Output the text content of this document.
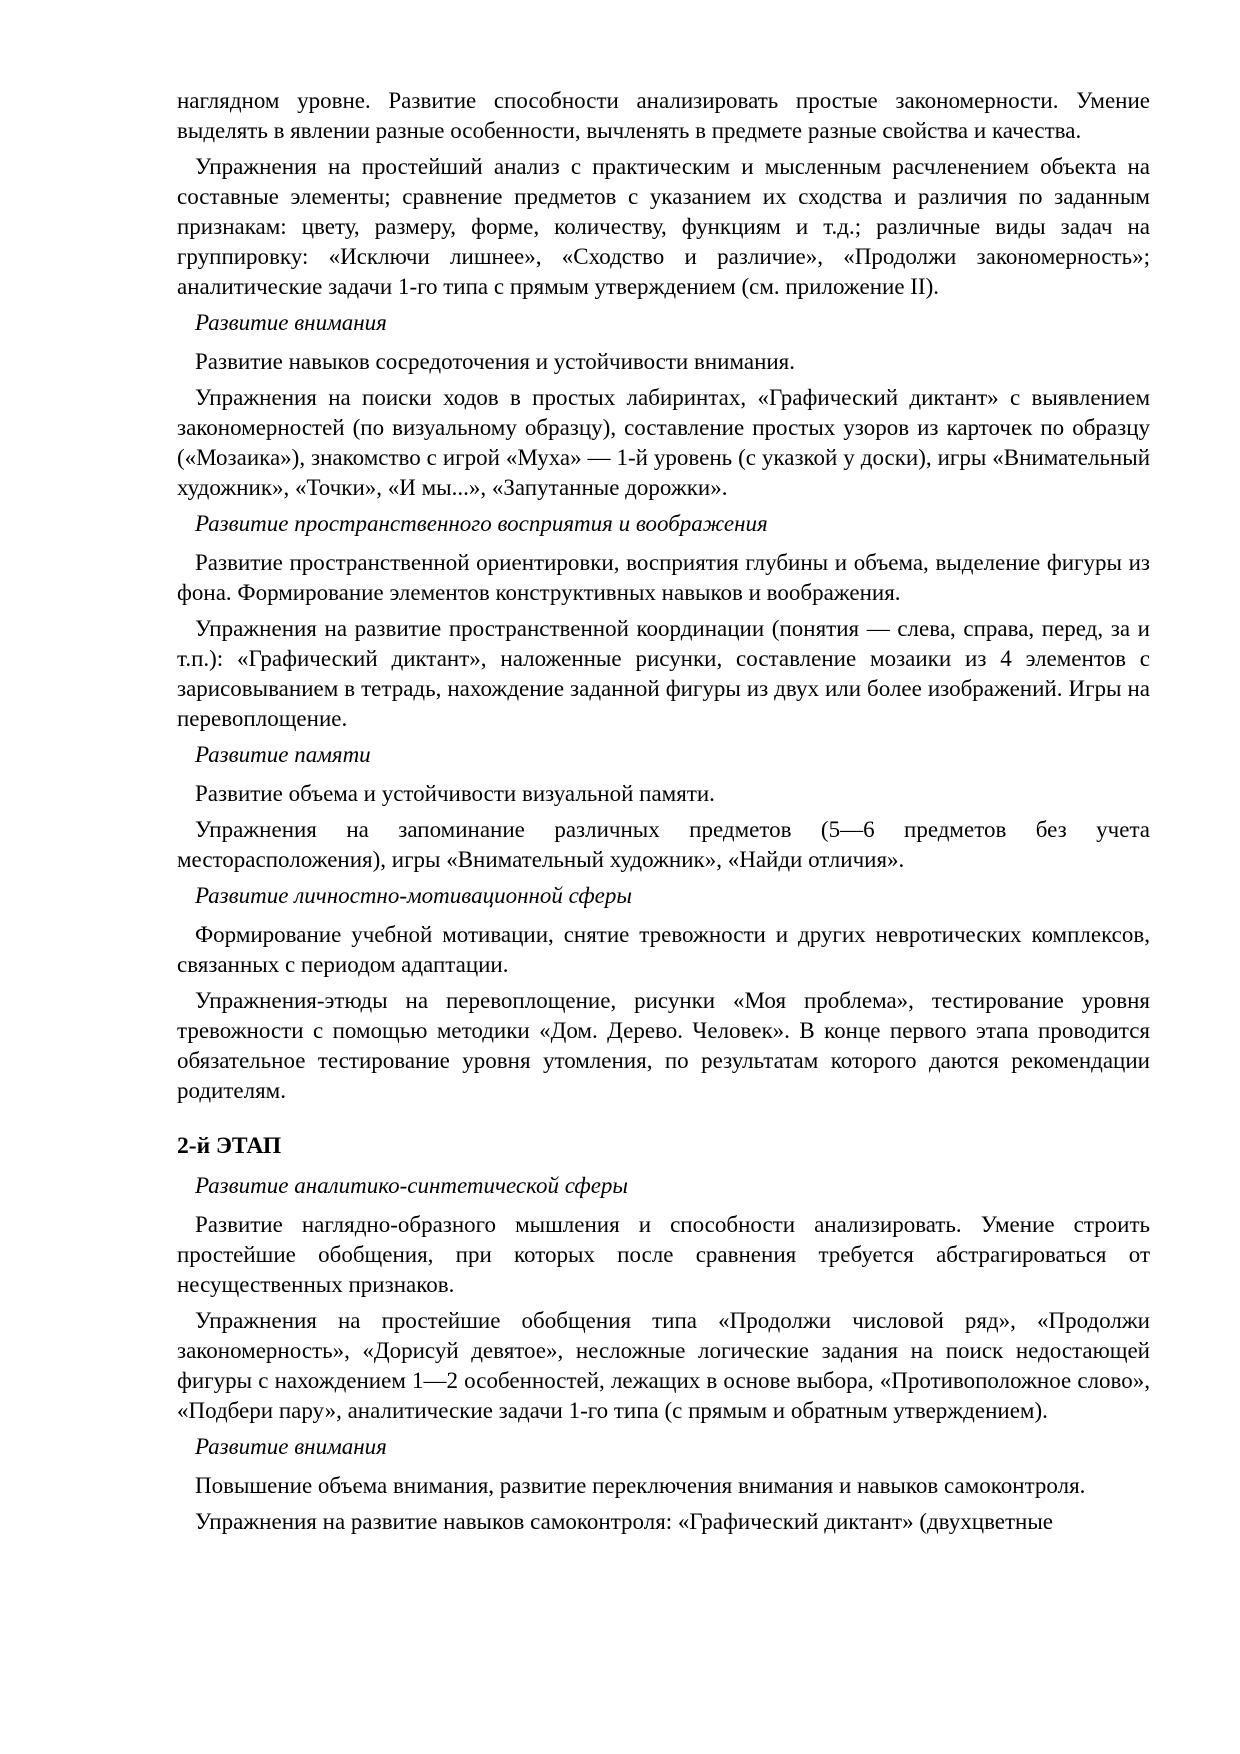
наглядном уровне. Развитие способности анализировать простые закономерности. Умение выделять в явлении разные особенности, вычленять в предмете разные свойства и качества.

Упражнения на простейший анализ с практическим и мысленным расчленением объекта на составные элементы; сравнение предметов с указанием их сходства и различия по заданным признакам: цвету, размеру, форме, количеству, функциям и т.д.; различные виды задач на группировку: «Исключи лишнее», «Сходство и различие», «Продолжи закономерность»; аналитические задачи 1-го типа с прямым утверждением (см. приложение II).

Развитие внимания

Развитие навыков сосредоточения и устойчивости внимания.

Упражнения на поиски ходов в простых лабиринтах, «Графический диктант» с выявлением закономерностей (по визуальному образцу), составление простых узоров из карточек по образцу («Мозаика»), знакомство с игрой «Муха» — 1-й уровень (с указкой у доски), игры «Внимательный художник», «Точки», «И мы...», «Запутанные дорожки».

Развитие пространственного восприятия и воображения

Развитие пространственной ориентировки, восприятия глубины и объема, выделение фигуры из фона. Формирование элементов конструктивных навыков и воображения.

Упражнения на развитие пространственной координации (понятия — слева, справа, перед, за и т.п.): «Графический диктант», наложенные рисунки, составление мозаики из 4 элементов с зарисовыванием в тетрадь, нахождение заданной фигуры из двух или более изображений. Игры на перевоплощение.

Развитие памяти

Развитие объема и устойчивости визуальной памяти.

Упражнения на запоминание различных предметов (5—6 предметов без учета месторасположения), игры «Внимательный художник», «Найди отличия».

Развитие личностно-мотивационной сферы

Формирование учебной мотивации, снятие тревожности и других невротических комплексов, связанных с периодом адаптации.

Упражнения-этюды на перевоплощение, рисунки «Моя проблема», тестирование уровня тревожности с помощью методики «Дом. Дерево. Человек». В конце первого этапа проводится обязательное тестирование уровня утомления, по результатам которого даются рекомендации родителям.

2-й ЭТАП
Развитие аналитико-синтетической сферы

Развитие наглядно-образного мышления и способности анализировать. Умение строить простейшие обобщения, при которых после сравнения требуется абстрагироваться от несущественных признаков.

Упражнения на простейшие обобщения типа «Продолжи числовой ряд», «Продолжи закономерность», «Дорисуй девятое», несложные логические задания на поиск недостающей фигуры с нахождением 1—2 особенностей, лежащих в основе выбора, «Противоположное слово», «Подбери пару», аналитические задачи 1-го типа (с прямым и обратным утверждением).

Развитие внимания

Повышение объема внимания, развитие переключения внимания и навыков самоконтроля.

Упражнения на развитие навыков самоконтроля: «Графический диктант» (двухцветные
